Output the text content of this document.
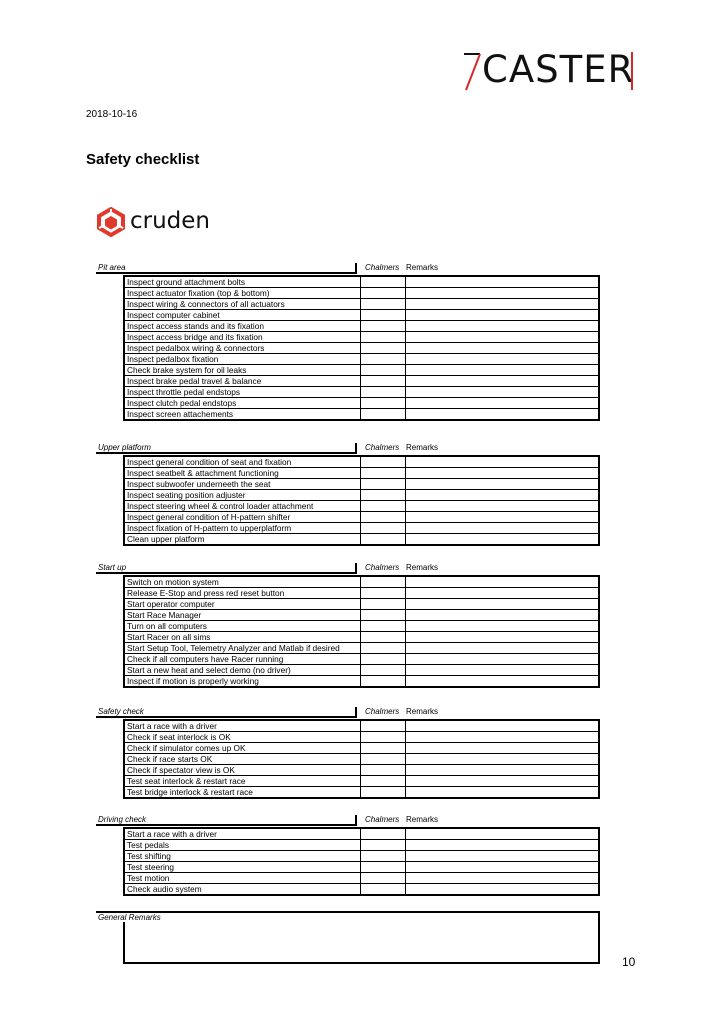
CASTER
2018-10-16
Safety checklist
cruden
Pit area	Chalmers Remarks
Inspect ground attachment bolts		
Inspect actuator fixation (top & bottom)		
Inspect wiring & connectors of all actuators		
Inspect computer cabinet		
Inspect access stands and its fixation		
Inspect access bridge and its fixation		
Inspect pedalbox wiring & connectors		
Inspect pedalbox fixation		
Check brake system for oil leaks		
Inspect brake pedal travel & balance		
Inspect throttle pedal endstops		
Inspect clutch pedal endstops		
Inspect screen attachements		
Upper platform	Chalmers Remarks
Inspect general condition of seat and fixation		
Inspect seatbelt & attachment functioning		
Inspect subwoofer underneeth the seat		
Inspect seating position adjuster		
Inspect steering wheel & control loader attachment		
Inspect general condition of H-pattern shifter		
Inspect fixation of H-pattern to upperplatform		
Clean upper platform		
Start up	Chalmers Remarks
Switch on motion system		
Release E-Stop and press red reset button		
Start operator computer		
Start Race Manager		
Turn on all computers		
Start Racer on all sims		
Start Setup Tool, Telemetry Analyzer and Matlab if desired		
Check if all computers have Racer running		
Start a new heat and select demo (no driver)		
Inspect if motion is properly working		
Safety check	Chalmers Remarks
Start a race with a driver		
Check if seat interlock is OK		
Check if simulator comes up OK		
Check if race starts OK		
Check if spectator view is OK		
Test seat interlock & restart race		
Test bridge interlock & restart race		
Driving check	Chalmers Remarks
Start a race with a driver		
Test pedals		
Test shifting		
Test steering		
Test motion		
Check audio system		
General Remarks
10
